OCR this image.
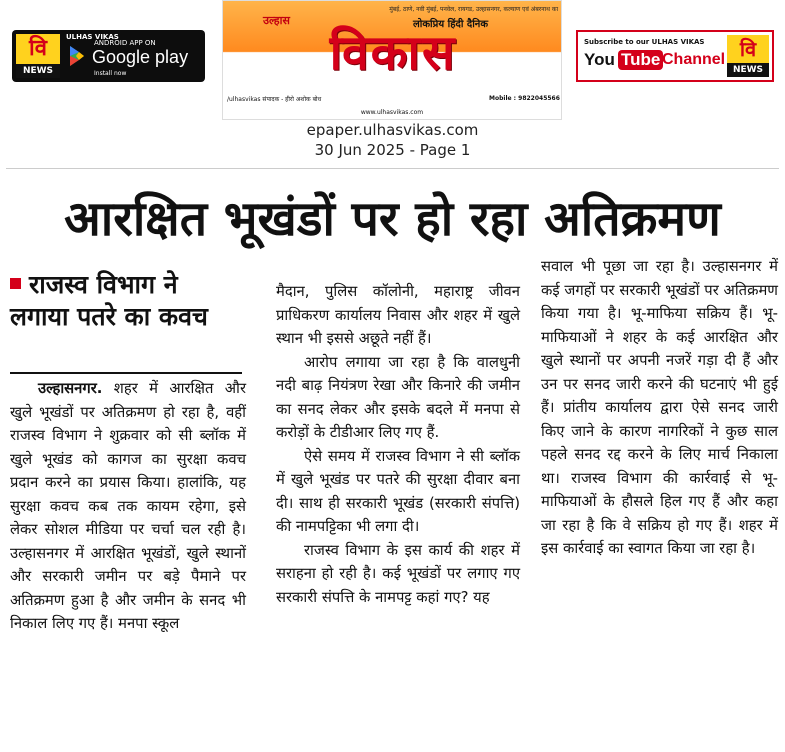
वि
NEWS
ULHAS VIKAS
ANDROID APP ON
Google play
Install now
मुंबई, ठाणे, नवी मुंबई, पनवेल, रायगड, उल्हासनगर, कल्याण एवं अंबरनाथ का
उल्हास	लोकप्रिय हिंदी दैनिक
विकास
/ulhasvikas संपादक - हीरो अशोक बोध	Mobile : 9822045566
www.ulhasvikas.com
Subscribe to our ULHAS VIKAS
You Tube Channel वि
NEWS
epaper.ulhasvikas.com
30 Jun 2025 - Page 1
आरक्षित भूखंडों पर हो रहा अतिक्रमण
राजस्व विभाग ने लगाया पतरे का कवच

उल्हासनगर. शहर में आरक्षित और खुले भूखंडों पर अतिक्रमण हो रहा है, वहीं राजस्व विभाग ने शुक्रवार को सी ब्लॉक में खुले भूखंड को कागज का सुरक्षा कवच प्रदान करने का प्रयास किया। हालांकि, यह सुरक्षा कवच कब तक कायम रहेगा, इसे लेकर सोशल मीडिया पर चर्चा चल रही है। उल्हासनगर में आरक्षित भूखंडों, खुले स्थानों और सरकारी जमीन पर बड़े पैमाने पर अतिक्रमण हुआ है और जमीन के सनद भी निकाल लिए गए हैं। मनपा स्कूल

मैदान, पुलिस कॉलोनी, महाराष्ट्र जीवन प्राधिकरण कार्यालय निवास और शहर में खुले स्थान भी इससे अछूते नहीं हैं।

आरोप लगाया जा रहा है कि वालधुनी नदी बाढ़ नियंत्रण रेखा और किनारे की जमीन का सनद लेकर और इसके बदले में मनपा से करोड़ों के टीडीआर लिए गए हैं.

ऐसे समय में राजस्व विभाग ने सी ब्लॉक में खुले भूखंड पर पतरे की सुरक्षा दीवार बना दी। साथ ही सरकारी भूखंड (सरकारी संपत्ति) की नामपट्टिका भी लगा दी।

राजस्व विभाग के इस कार्य की शहर में सराहना हो रही है। कई भूखंडों पर लगाए गए सरकारी संपत्ति के नामपट्ट कहां गए? यह

सवाल भी पूछा जा रहा है। उल्हासनगर में कई जगहों पर सरकारी भूखंडों पर अतिक्रमण किया गया है। भू-माफिया सक्रिय हैं। भू-माफियाओं ने शहर के कई आरक्षित और खुले स्थानों पर अपनी नजरें गड़ा दी हैं और उन पर सनद जारी करने की घटनाएं भी हुई हैं। प्रांतीय कार्यालय द्वारा ऐसे सनद जारी किए जाने के कारण नागरिकों ने कुछ साल पहले सनद रद्द करने के लिए मार्च निकाला था। राजस्व विभाग की कार्रवाई से भू-माफियाओं के हौसले हिल गए हैं और कहा जा रहा है कि वे सक्रिय हो गए हैं। शहर में इस कार्रवाई का स्वागत किया जा रहा है।
